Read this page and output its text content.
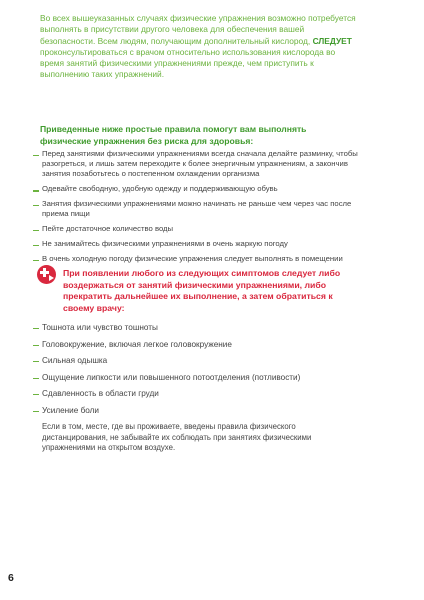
Во всех вышеуказанных случаях физические упражнения возможно потребуется выполнять в присутствии другого человека для обеспечения вашей безопасности. Всем людям, получающим дополнительный кислород, СЛЕДУЕТ проконсультироваться с врачом относительно использования кислорода во время занятий физическими упражнениями прежде, чем приступить к выполнению таких упражнений.

Приведенные ниже простые правила помогут вам выполнять физические упражнения без риска для здоровья:

Перед занятиями физическими упражнениями всегда сначала делайте разминку, чтобы разогреться, и лишь затем переходите к более энергичным упражнениям, а закончив занятия позаботьтесь о постепенном охлаждении организма
Одевайте свободную, удобную одежду и поддерживающую обувь
Занятия физическими упражнениями можно начинать не раньше чем через час после приема пищи
Пейте достаточное количество воды
Не занимайтесь физическими упражнениями в очень жаркую погоду
В очень холодную погоду физические упражнения следует выполнять в помещении

При появлении любого из следующих симптомов следует либо воздержаться от занятий физическими упражнениями, либо прекратить дальнейшее их выполнение, а затем обратиться к своему врачу:

Тошнота или чувство тошноты
Головокружение, включая легкое головокружение
Сильная одышка
Ощущение липкости или повышенного потоотделения (потливости)
Сдавленность в области груди
Усиление боли

Если в том, месте, где вы проживаете, введены правила физического дистанцирования, не забывайте их соблюдать при занятиях физическими упражнениями на открытом воздухе.

6
